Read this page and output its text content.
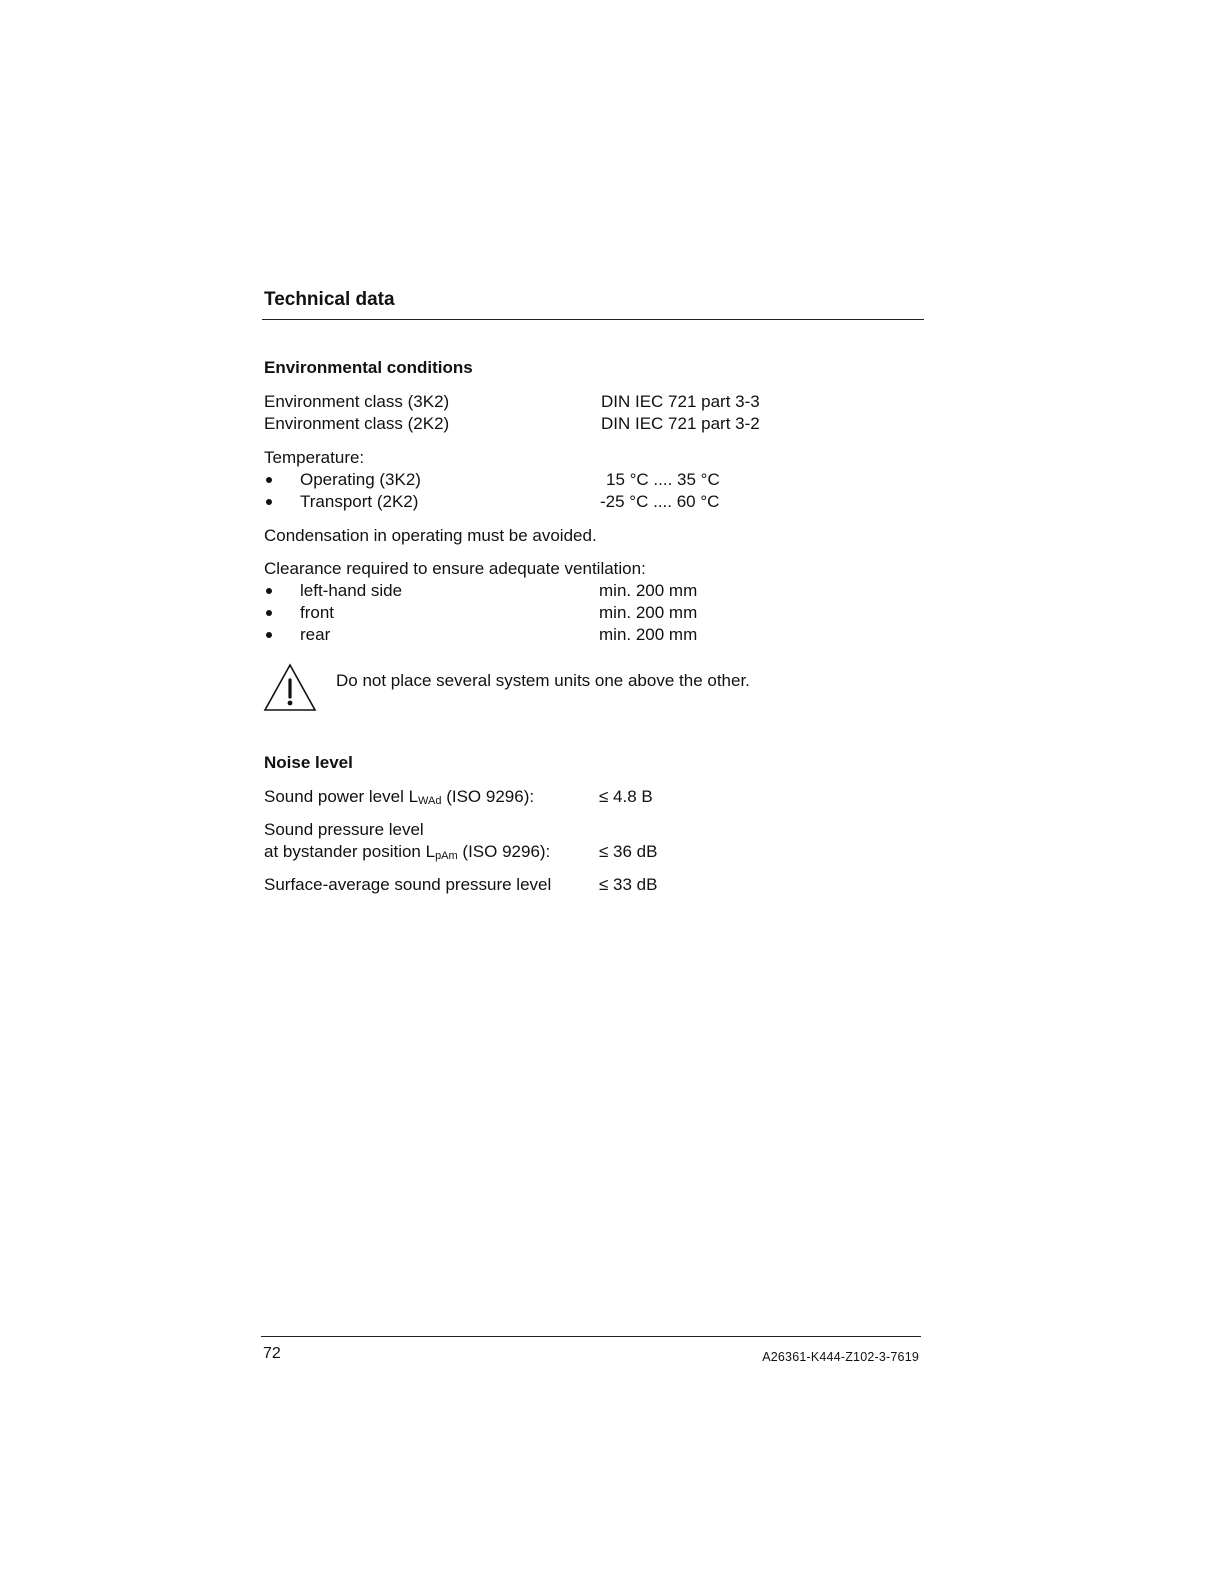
Technical data
Environmental conditions
Environment class (3K2)	DIN IEC 721 part 3-3
Environment class (2K2)	DIN IEC 721 part 3-2
Temperature:
Operating (3K2)	15 °C .... 35 °C
Transport (2K2)	-25 °C .... 60 °C
Condensation in operating must be avoided.
Clearance required to ensure adequate ventilation:
left-hand side	min. 200 mm
front	min. 200 mm
rear	min. 200 mm
Do not place several system units one above the other.
Noise level
Sound power level LWAd (ISO 9296):	≤ 4.8 B
Sound pressure level
at bystander position LpAm (ISO 9296):	≤ 36 dB
Surface-average sound pressure level	≤ 33 dB
72	A26361-K444-Z102-3-7619
